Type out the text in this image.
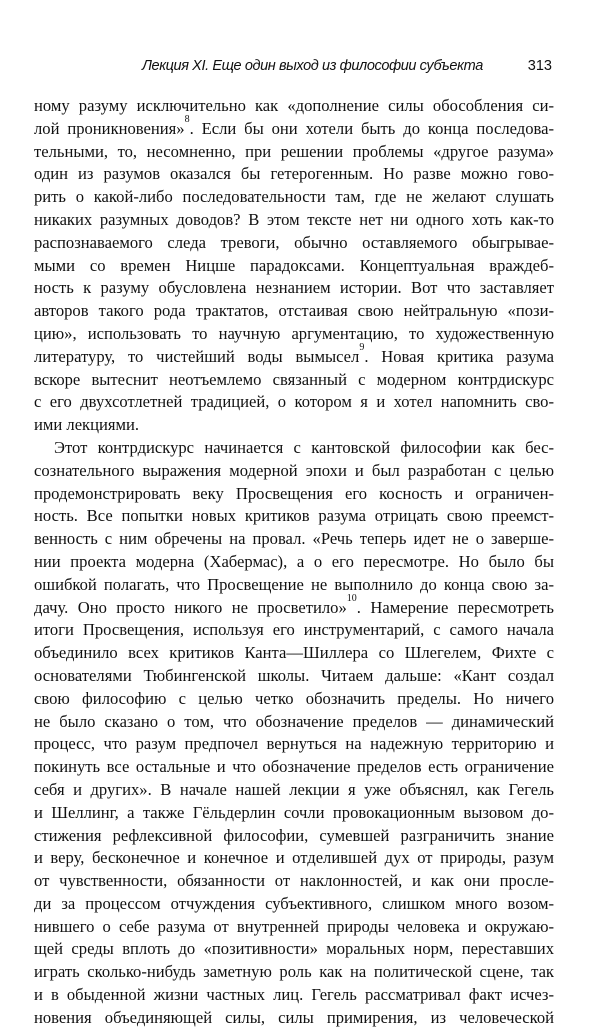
Лекция XI. Еще один выход из философии субъекта	313
ному разуму исключительно как «дополнение силы обособления си-
лой проникновения»$^8$. Если бы они хотели быть до конца последова-
тельными, то, несомненно, при решении проблемы «другое разума»
один из разумов оказался бы гетерогенным. Но разве можно гово-
рить о какой-либо последовательности там, где не желают слушать
никаких разумных доводов? В этом тексте нет ни одного хоть как-то
распознаваемого следа тревоги, обычно оставляемого обыгрывае-
мыми со времен Ницше парадоксами. Концептуальная враждеб-
ность к разуму обусловлена незнанием истории. Вот что заставляет
авторов такого рода трактатов, отстаивая свою нейтральную «пози-
цию», использовать то научную аргументацию, то художественную
литературу, то чистейший воды вымысел$^9$. Новая критика разума
вскоре вытеснит неотъемлемо связанный с модерном контрдискурс
с его двухсотлетней традицией, о котором я и хотел напомнить сво-
ими лекциями.
Этот контрдискурс начинается с кантовской философии как бес-
сознательного выражения модерной эпохи и был разработан с целью
продемонстрировать веку Просвещения его косность и ограничен-
ность. Все попытки новых критиков разума отрицать свою преемст-
венность с ним обречены на провал. «Речь теперь идет не о заверше-
нии проекта модерна (Хабермас), а о его пересмотре. Но было бы
ошибкой полагать, что Просвещение не выполнило до конца свою за-
дачу. Оно просто никого не просветило»$^{10}$. Намерение пересмотреть
итоги Просвещения, используя его инструментарий, с самого начала
объединило всех критиков Канта—Шиллера со Шлегелем, Фихте с
основателями Тюбингенской школы. Читаем дальше: «Кант создал
свою философию с целью четко обозначить пределы. Но ничего
не было сказано о том, что обозначение пределов — динамический
процесс, что разум предпочел вернуться на надежную территорию и
покинуть все остальные и что обозначение пределов есть ограничение
себя и других». В начале нашей лекции я уже объяснял, как Гегель
и Шеллинг, а также Гёльдерлин сочли провокационным вызовом до-
стижения рефлексивной философии, сумевшей разграничить знание
и веру, бесконечное и конечное и отделившей дух от природы, разум
от чувственности, обязанности от наклонностей, и как они просле-
ди за процессом отчуждения субъективного, слишком много возом-
нившего о себе разума от внутренней природы человека и окружаю-
щей среды вплоть до «позитивности» моральных норм, переставших
играть сколько-нибудь заметную роль как на политической сцене, так
и в обыденной жизни частных лиц. Гегель рассматривал факт исчез-
новения объединяющей силы, силы примирения, из человеческой
